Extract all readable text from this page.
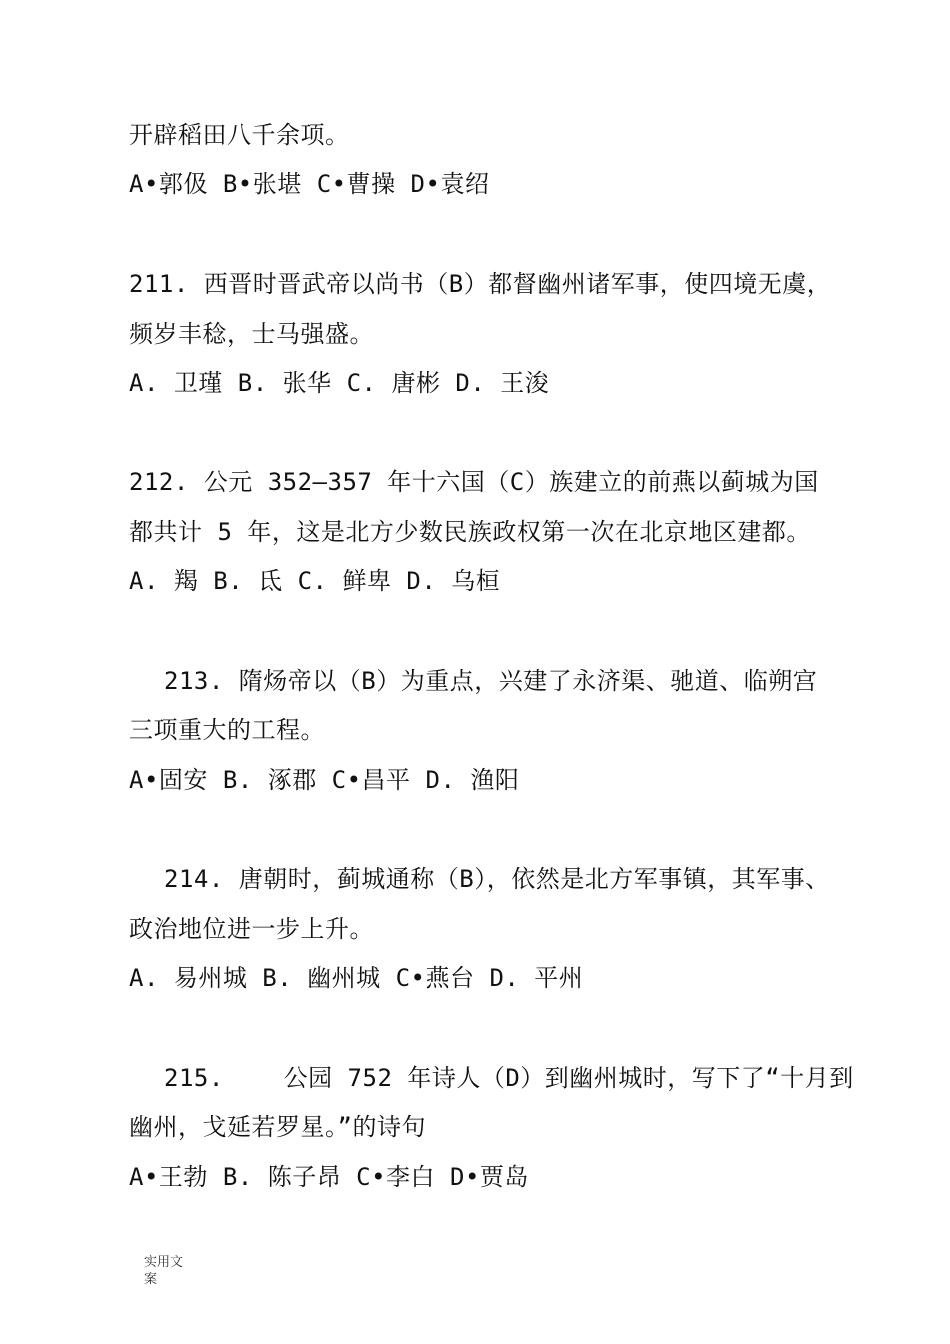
开辟稻田八千余项。
A•郭伋 B•张堪 C•曹操 D•袁绍
211. 西晋时晋武帝以尚书（B）都督幽州诸军事，使四境无虞，
频岁丰稔，士马强盛。
A. 卫瑾 B. 张华 C. 唐彬 D. 王浚
212. 公元 352—357 年十六国（C）族建立的前燕以蓟城为国
都共计 5 年，这是北方少数民族政权第一次在北京地区建都。
A. 羯 B. 氐 C. 鲜卑 D. 乌桓
213. 隋炀帝以（B）为重点，兴建了永济渠、驰道、临朔宫
三项重大的工程。
A•固安 B. 涿郡 C•昌平 D. 渔阳
214. 唐朝时，蓟城通称（B），依然是北方军事镇，其军事、
政治地位进一步上升。
A. 易州城 B. 幽州城 C•燕台 D. 平州
215.    公园 752 年诗人（D）到幽州城时，写下了“十月到
幽州，戈延若罗星。”的诗句
A•王勃 B. 陈子昂 C•李白 D•贾岛
实用文
案
